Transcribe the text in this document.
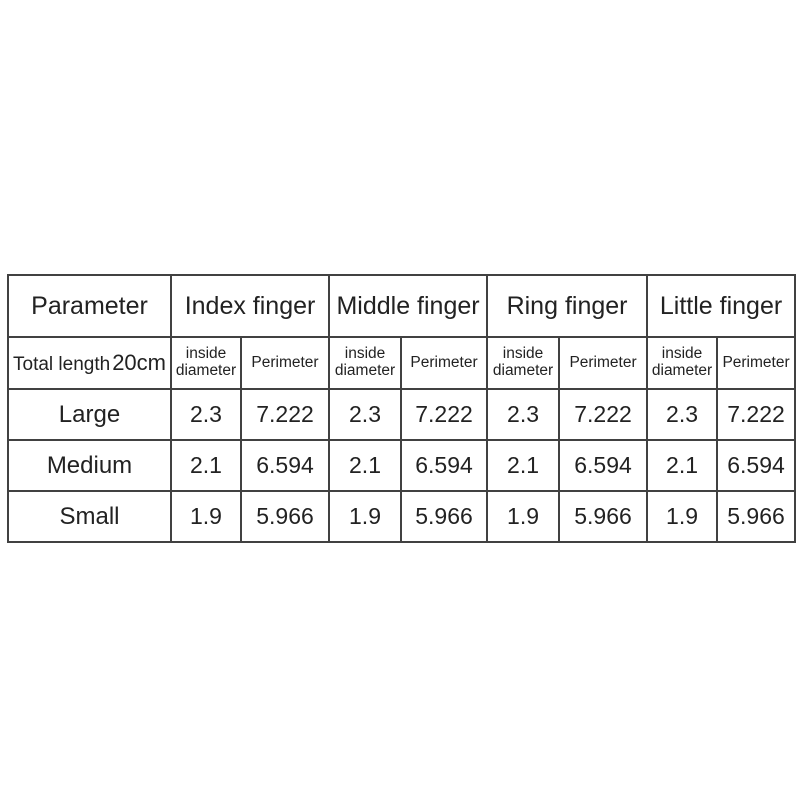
Parameter	Index finger		Middle finger		Ring finger		Little finger	
Total length20cm	inside diameter	Perimeter	inside diameter	Perimeter	inside diameter	Perimeter	inside diameter	Perimeter
Large	2.3	7.222	2.3	7.222	2.3	7.222	2.3	7.222
Medium	2.1	6.594	2.1	6.594	2.1	6.594	2.1	6.594
Small	1.9	5.966	1.9	5.966	1.9	5.966	1.9	5.966
